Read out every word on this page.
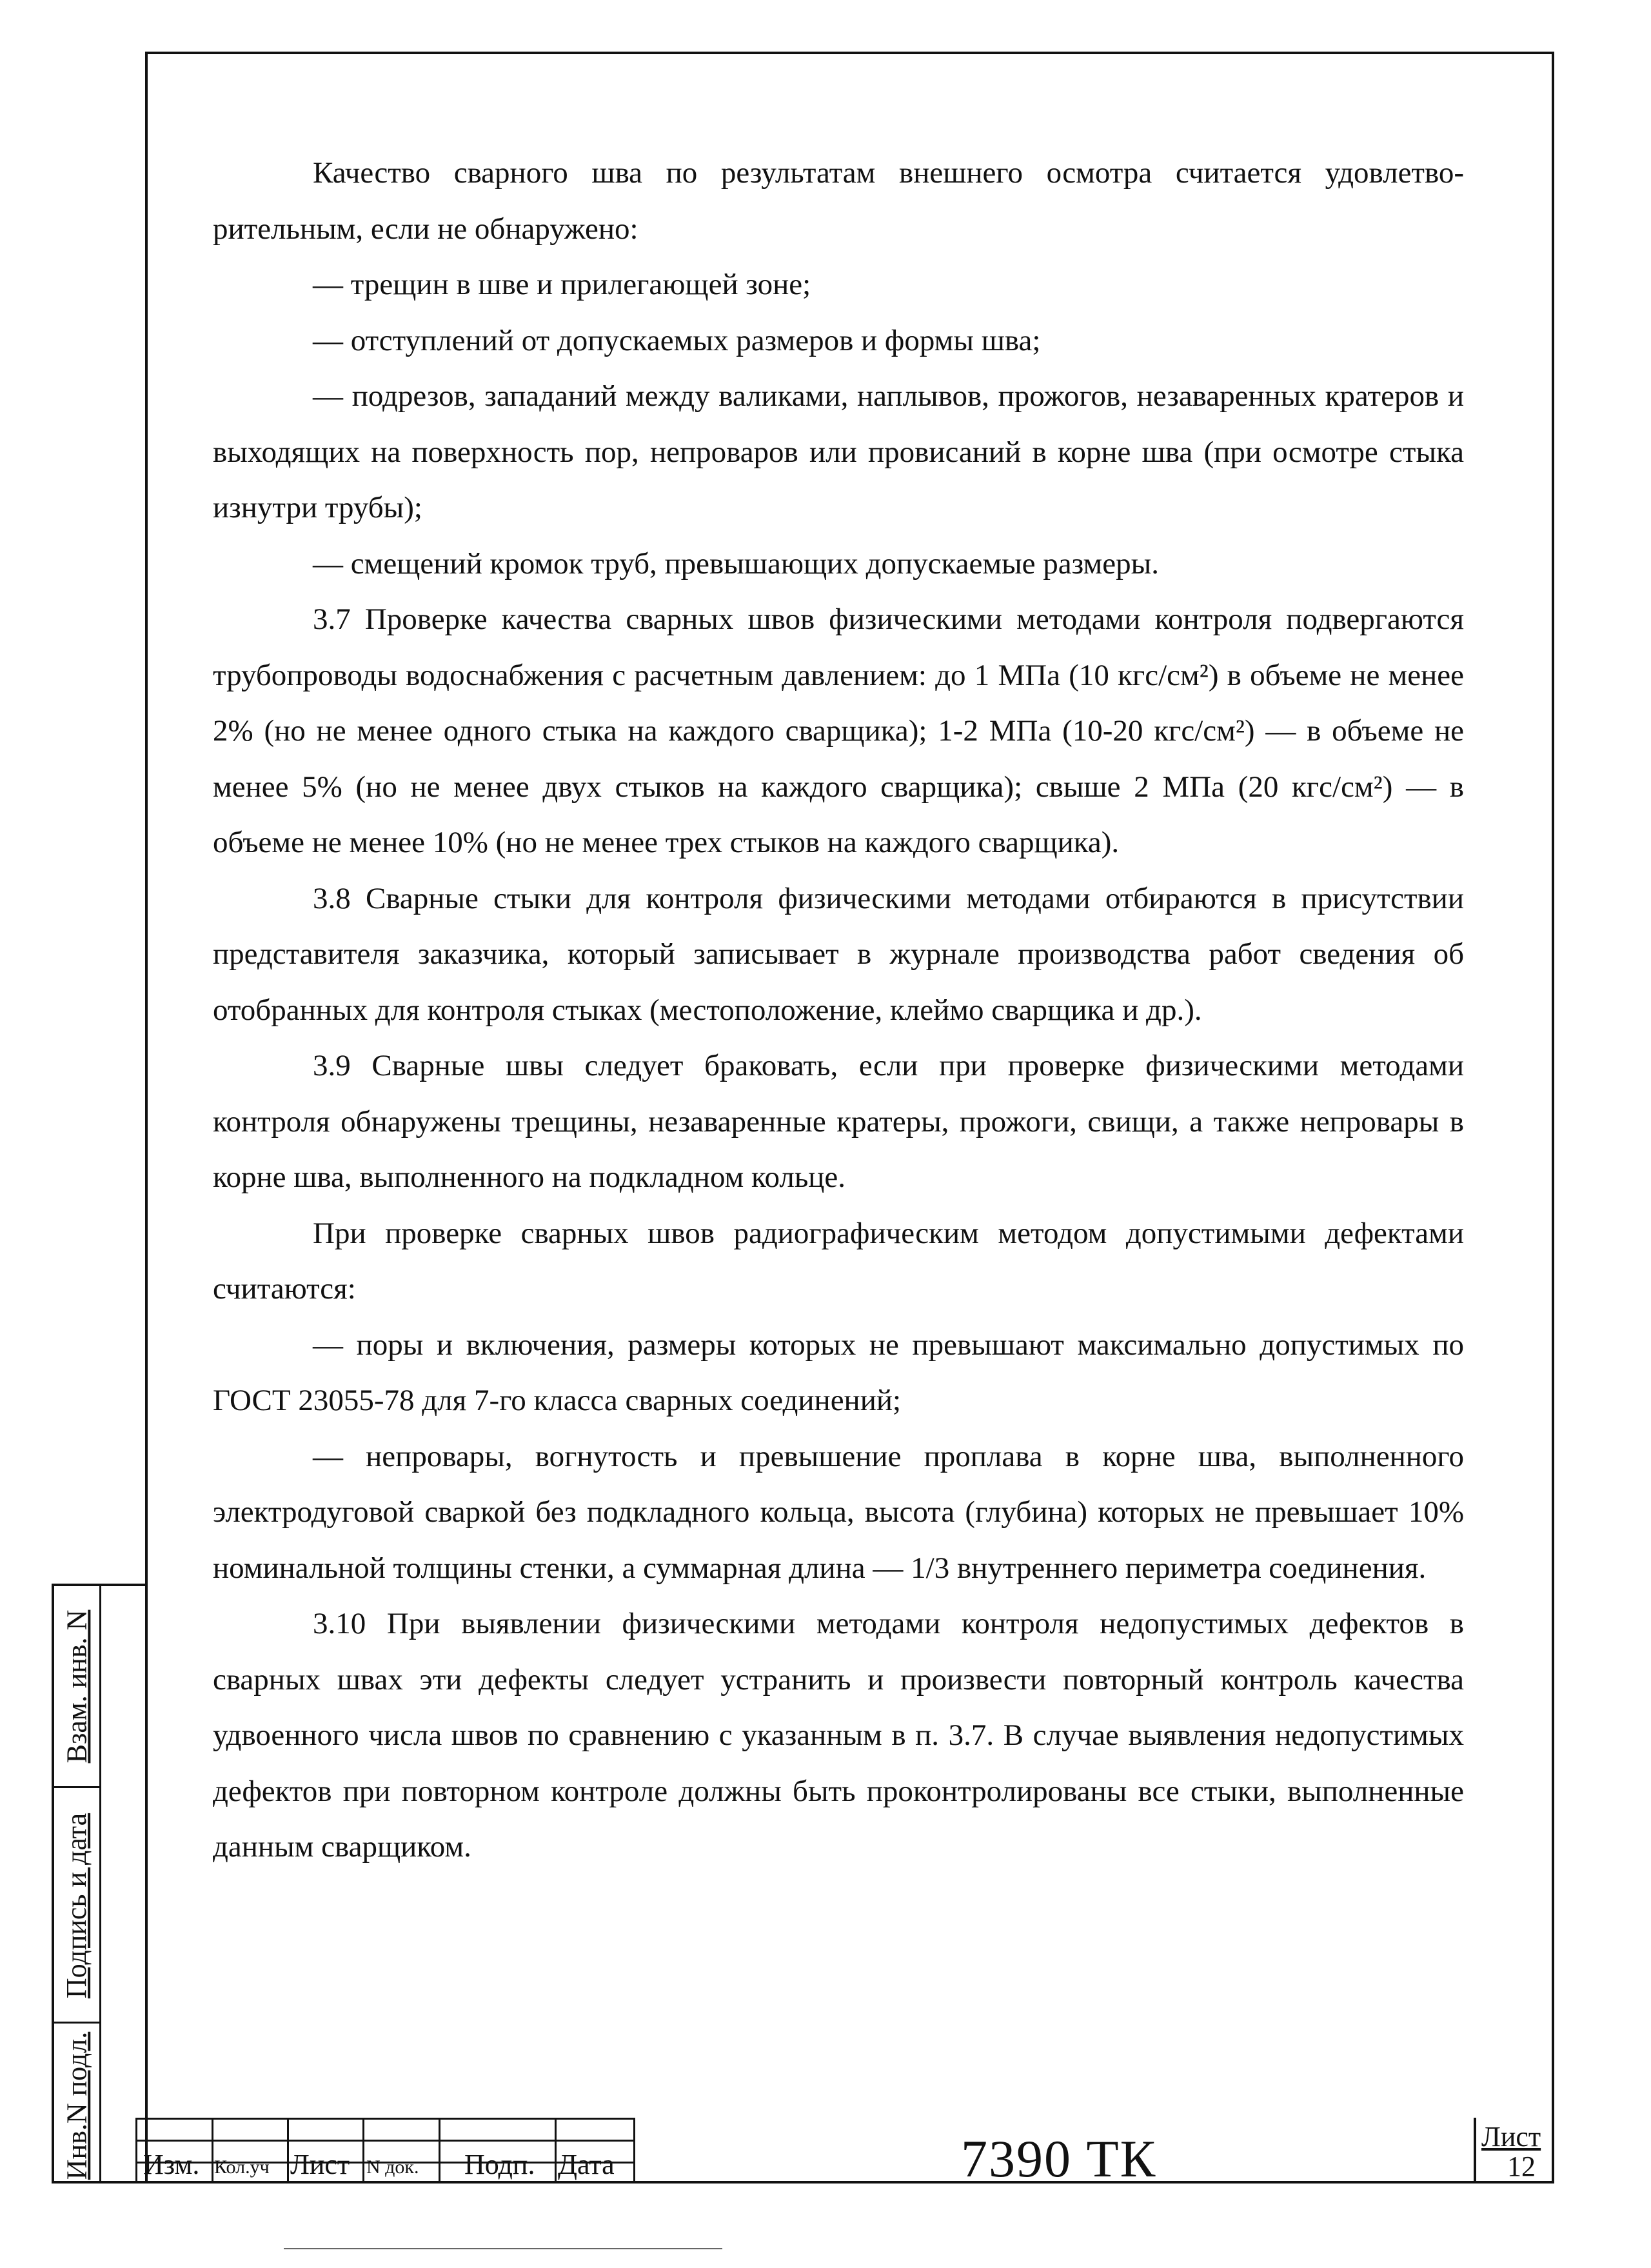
Качество сварного шва по результатам внешнего осмотра считается удовлетворительным, если не обнаружено:

— трещин в шве и прилегающей зоне;

— отступлений от допускаемых размеров и формы шва;

— подрезов, западаний между валиками, наплывов, прожогов, незаваренных кратеров и выходящих на поверхность пор, непроваров или провисаний в корне шва (при осмотре стыка изнутри трубы);

— смещений кромок труб, превышающих допускаемые размеры.

3.7 Проверке качества сварных швов физическими методами контроля подвергаются трубопроводы водоснабжения с расчетным давлением: до 1 МПа (10 кгс/см²) в объеме не менее 2% (но не менее одного стыка на каждого сварщика); 1-2 МПа (10-20 кгс/см²) — в объеме не менее 5% (но не менее двух стыков на каждого сварщика); свыше 2 МПа (20 кгс/см²) — в объеме не менее 10% (но не менее трех стыков на каждого сварщика).

3.8 Сварные стыки для контроля физическими методами отбираются в присутствии представителя заказчика, который записывает в журнале производства работ сведения об отобранных для контроля стыках (местоположение, клеймо сварщика и др.).

3.9 Сварные швы следует браковать, если при проверке физическими методами контроля обнаружены трещины, незаваренные кратеры, прожоги, свищи, а также непровары в корне шва, выполненного на подкладном кольце.

При проверке сварных швов радиографическим методом допустимыми дефектами считаются:

— поры и включения, размеры которых не превышают максимально допустимых по ГОСТ 23055-78 для 7-го класса сварных соединений;

— непровары, вогнутость и превышение проплава в корне шва, выполненного электродуговой сваркой без подкладного кольца, высота (глубина) которых не превышает 10% номинальной толщины стенки, а суммарная длина — 1/3 внутреннего периметра соединения.

3.10 При выявлении физическими методами контроля недопустимых дефектов в сварных швах эти дефекты следует устранить и произвести повторный контроль качества удвоенного числа швов по сравнению с указанным в п. 3.7. В случае выявления недопустимых дефектов при повторном контроле должны быть проконтролированы все стыки, выполненные данным сварщиком.

Взам. инв. N
Подпись и дата
Инв.N подл. Изм. Кол.уч Лист N док. Подп. Дата	7390 ТК	Лист
12
